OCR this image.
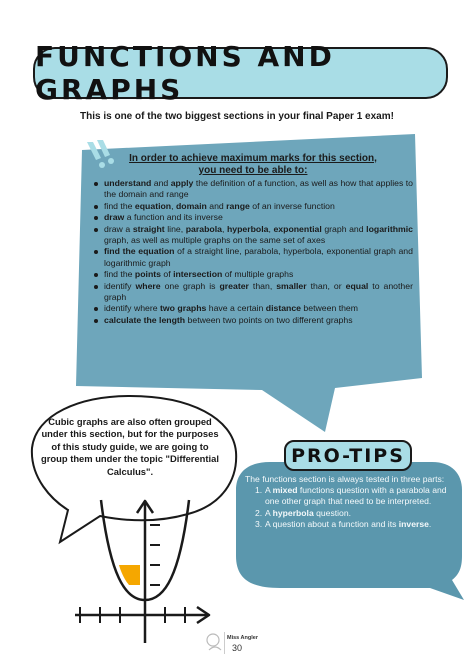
FUNCTIONS AND GRAPHS
This is one of the two biggest sections in your final Paper 1 exam!
In order to achieve maximum marks for this section,
you need to be able to:
understand and apply the definition of a function, as well as how that applies to the domain and range
find the equation, domain and range of an inverse function
draw a function and its inverse
draw a straight line, parabola, hyperbola, exponential graph and logarithmic graph, as well as multiple graphs on the same set of axes
find the equation of a straight line, parabola, hyperbola, exponential graph and logarithmic graph
find the points of intersection of multiple graphs
identify where one graph is greater than, smaller than, or equal to another graph
identify where two graphs have a certain distance between them
calculate the length between two points on two different graphs
Cubic graphs are also often grouped under this section, but for the purposes of this study guide, we are going to group them under the topic "Differential Calculus".
PRO-TIPS
The functions section is always tested in three parts:
1. A mixed functions question with a parabola and one other graph that need to be interpreted.
2. A hyperbola question.
3. A question about a function and its inverse.
Miss Angler
30
